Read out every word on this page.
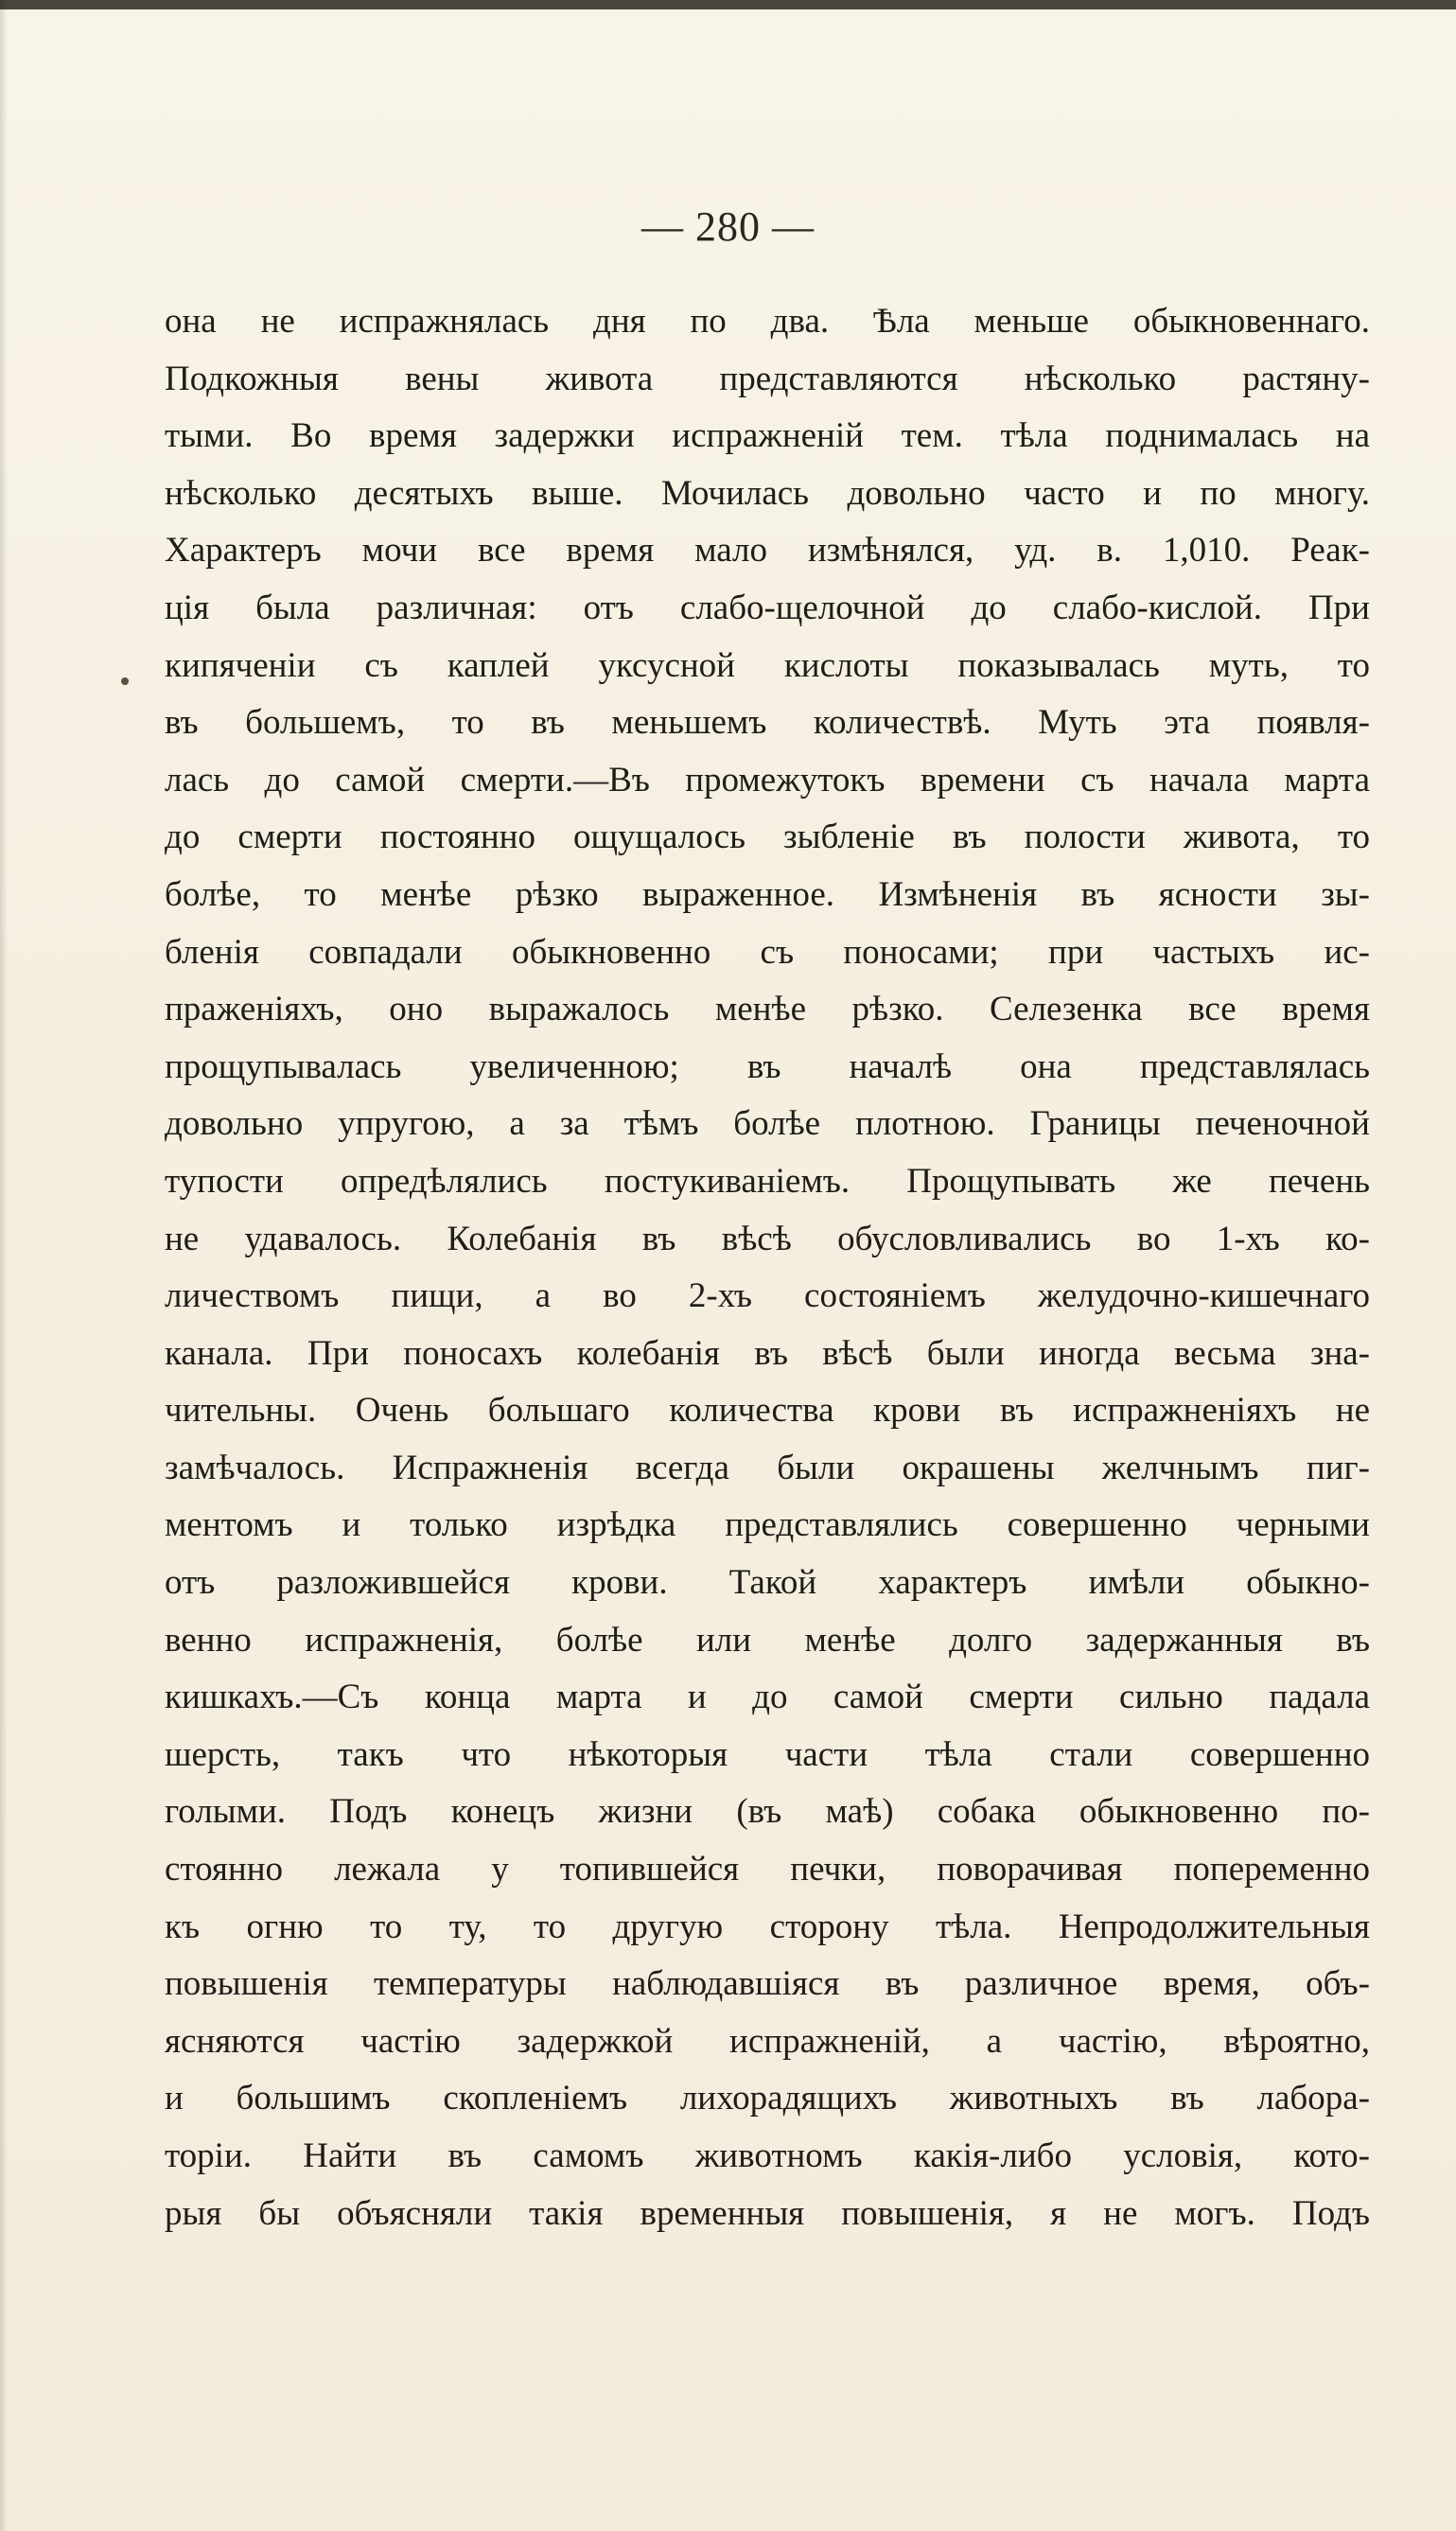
— 280 —
она не испражнялась дня по два. Ѣла меньше обыкновеннаго.
Подкожныя вены живота представляются нѣсколько растяну-
тыми. Во время задержки испражненій тем. тѣла поднималась на
нѣсколько десятыхъ выше. Мочилась довольно часто и по многу.
Характеръ мочи все время мало измѣнялся, уд. в. 1,010. Реак-
ція была различная: отъ слабо-щелочной до слабо-кислой. При
кипяченіи съ каплей уксусной кислоты показывалась муть, то
въ большемъ, то въ меньшемъ количествѣ. Муть эта появля-
лась до самой смерти.—Въ промежутокъ времени съ начала марта
до смерти постоянно ощущалось зыбленіе въ полости живота, то
болѣе, то менѣе рѣзко выраженное. Измѣненія въ ясности зы-
бленія совпадали обыкновенно съ поносами; при частыхъ ис-
праженіяхъ, оно выражалось менѣе рѣзко. Селезенка все время
прощупывалась увеличенною; въ началѣ она представлялась
довольно упругою, а за тѣмъ болѣе плотною. Границы печеночной
тупости опредѣлялись постукиваніемъ. Прощупывать же печень
не удавалось. Колебанія въ вѣсѣ обусловливались во 1-хъ ко-
личествомъ пищи, а во 2-хъ состояніемъ желудочно-кишечнаго
канала. При поносахъ колебанія въ вѣсѣ были иногда весьма зна-
чительны. Очень большаго количества крови въ испражненіяхъ не
замѣчалось. Испражненія всегда были окрашены желчнымъ пиг-
ментомъ и только изрѣдка представлялись совершенно черными
отъ разложившейся крови. Такой характеръ имѣли обыкно-
венно испражненія, болѣе или менѣе долго задержанныя въ
кишкахъ.—Съ конца марта и до самой смерти сильно падала
шерсть, такъ что нѣкоторыя части тѣла стали совершенно
голыми. Подъ конецъ жизни (въ маѣ) собака обыкновенно по-
стоянно лежала у топившейся печки, поворачивая попеременно
къ огню то ту, то другую сторону тѣла. Непродолжительныя
повышенія температуры наблюдавшіяся въ различное время, объ-
ясняются частію задержкой испражненій, а частію, вѣроятно,
и большимъ скопленіемъ лихорадящихъ животныхъ въ лабора-
торіи. Найти въ самомъ животномъ какія-либо условія, кото-
рыя бы объясняли такія временныя повышенія, я не могъ. Подъ
